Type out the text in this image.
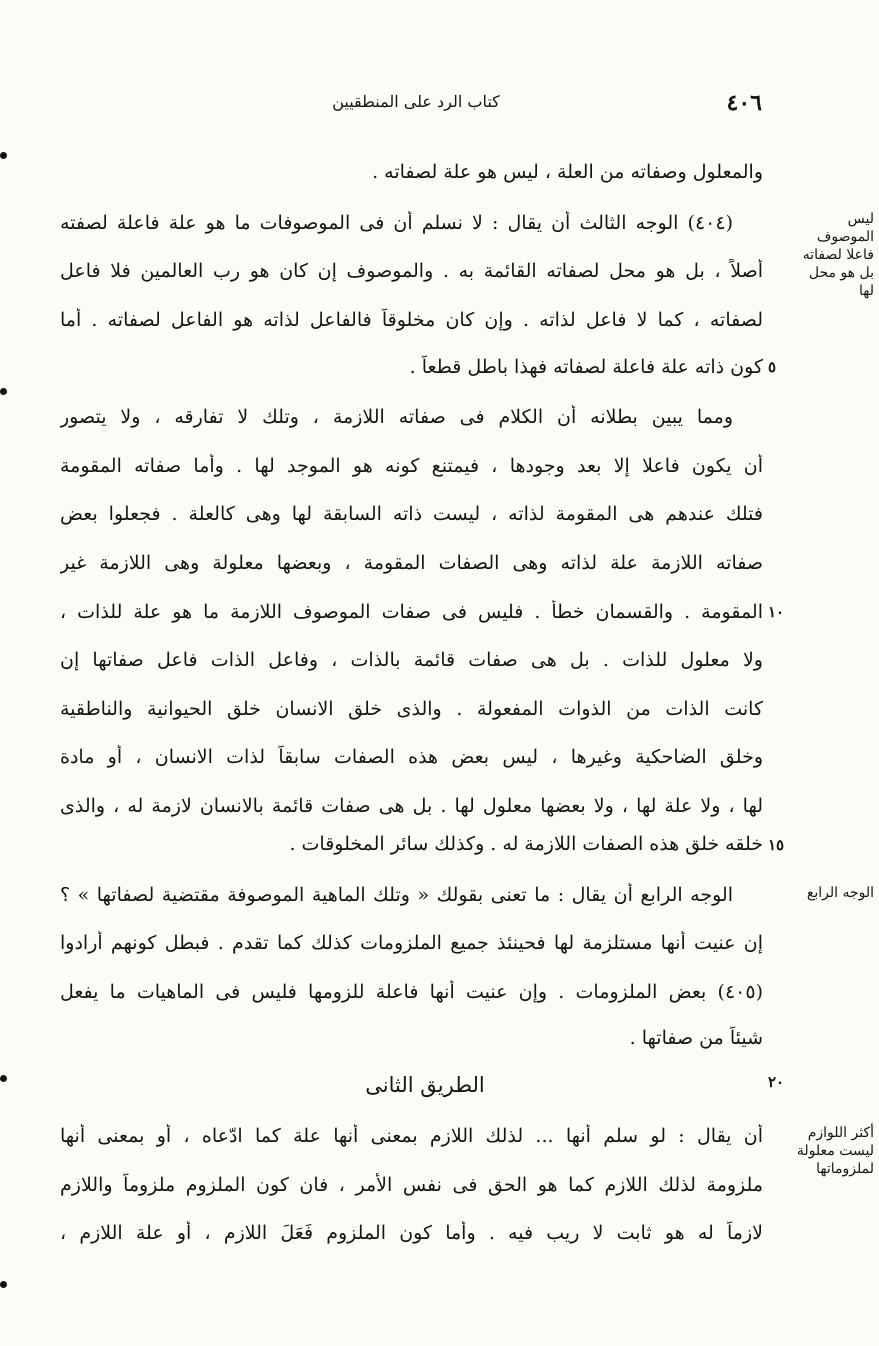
٤٠٦
كتاب الرد على المنطقيين
والمعلول وصفاته من العلة ، ليس هو علة لصفاته .
(٤٠٤) الوجه الثالث أن يقال : لا نسلم أن فى الموصوفات ما هو علة فاعلة لصفته
أصلاً ، بل هو محل لصفاته القائمة به . والموصوف إن كان هو رب العالمين فلا فاعل
لصفاته ، كما لا فاعل لذاته . وإن كان مخلوقاً فالفاعل لذاته هو الفاعل لصفاته . أما
كون ذاته علة فاعلة لصفاته فهذا باطل قطعاً .
ومما يبين بطلانه أن الكلام فى صفاته اللازمة ، وتلك لا تفارقه ، ولا يتصور
أن يكون فاعلا إلا بعد وجودها ، فيمتنع كونه هو الموجد لها . وأما صفاته المقومة
فتلك عندهم هى المقومة لذاته ، ليست ذاته السابقة لها وهى كالعلة . فجعلوا بعض
صفاته اللازمة علة لذاته وهى الصفات المقومة ، وبعضها معلولة وهى اللازمة غير
المقومة . والقسمان خطأ . فليس فى صفات الموصوف اللازمة ما هو علة للذات ،
ولا معلول للذات . بل هى صفات قائمة بالذات ، وفاعل الذات فاعل صفاتها إن
كانت الذات من الذوات المفعولة . والذى خلق الانسان خلق الحيوانية والناطقية
وخلق الضاحكية وغيرها ، ليس بعض هذه الصفات سابقاً لذات الانسان ، أو مادة
لها ، ولا علة لها ، ولا بعضها معلول لها . بل هى صفات قائمة بالانسان لازمة له ، والذى
خلقه خلق هذه الصفات اللازمة له . وكذلك سائر المخلوقات .
الوجه الرابع أن يقال : ما تعنى بقولك « وتلك الماهية الموصوفة مقتضية لصفاتها » ؟
إن عنيت أنها مستلزمة لها فحينئذ جميع الملزومات كذلك كما تقدم . فبطل كونهم أرادوا
(٤٠٥) بعض الملزومات . وإن عنيت أنها فاعلة للزومها فليس فى الماهيات ما يفعل
شيئاً من صفاتها .
الطريق الثانى
أن يقال : لو سلم أنها ... لذلك اللازم بمعنى أنها علة كما ادّعاه ، أو بمعنى أنها
ملزومة لذلك اللازم كما هو الحق فى نفس الأمر ، فان كون الملزوم ملزوماً واللازم
لازماً له هو ثابت لا ريب فيه . وأما كون الملزوم فَعَلَ اللازم ، أو علة اللازم ،
ليس الموصوف فاعلا لصفاته بل هو محل لها
الوجه الرابع
أكثر اللوازم ليست معلولة لملزوماتها
٥
١٠
١٥
٢٠
